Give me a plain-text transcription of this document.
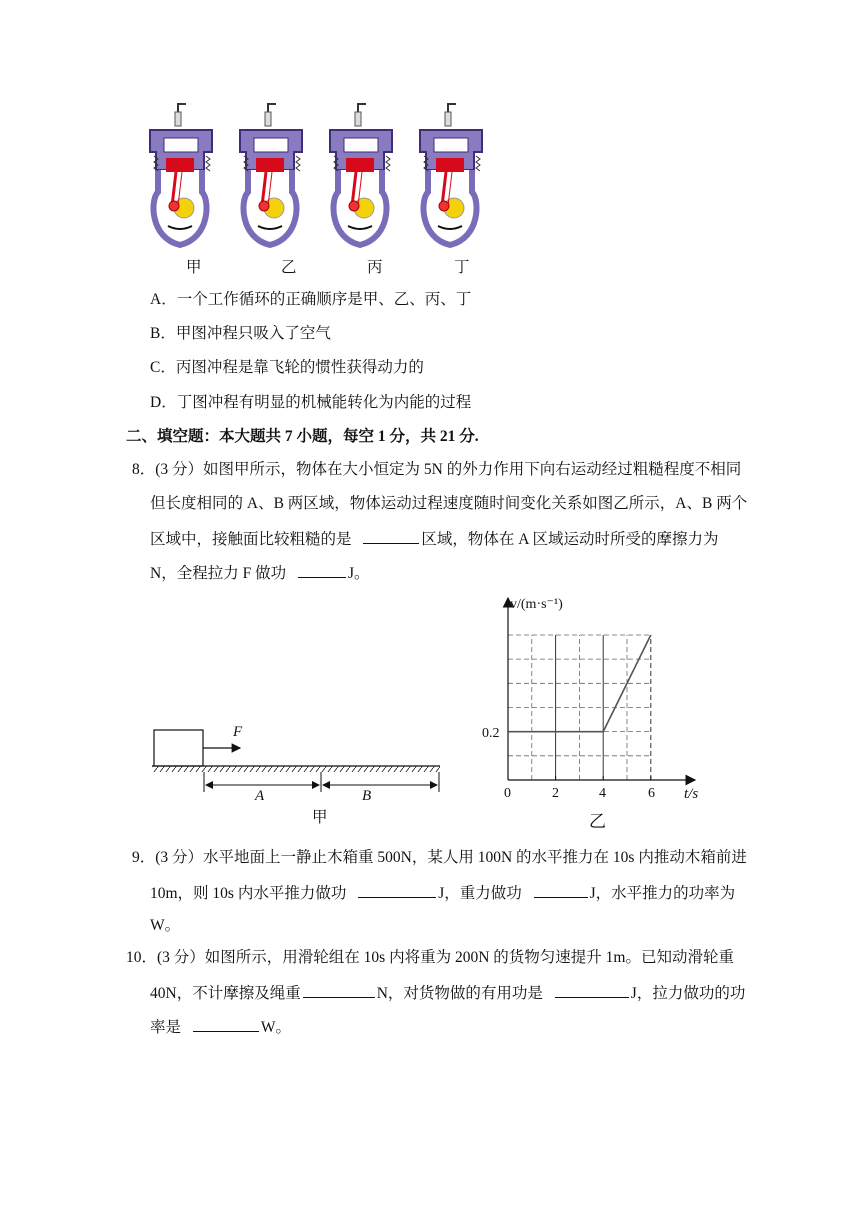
甲	乙	丙	丁
A．一个工作循环的正确顺序是甲、乙、丙、丁
B．甲图冲程只吸入了空气
C．丙图冲程是靠飞轮的惯性获得动力的
D．丁图冲程有明显的机械能转化为内能的过程
二、填空题：本大题共 7 小题，每空 1 分，共 21 分.
8．(3 分）如图甲所示，物体在大小恒定为 5N 的外力作用下向右运动经过粗糙程度不相同
但长度相同的 A、B 两区域，物体运动过程速度随时间变化关系如图乙所示，A、B 两个
区域中，接触面比较粗糙的是	区域，物体在 A 区域运动时所受的摩擦力为
N，全程拉力 F 做功	J。
F
A	B
甲
v/(m·s⁻¹)
t/s
0.2
0	2	4	6
乙
9．(3 分）水平地面上一静止木箱重 500N，某人用 100N 的水平推力在 10s 内推动木箱前进
10m，则 10s 内水平推力做功	J，重力做功	J，水平推力的功率为
W。
10．(3 分）如图所示，用滑轮组在 10s 内将重为 200N 的货物匀速提升 1m。已知动滑轮重
40N，不计摩擦及绳重	N，对货物做的有用功是	J，拉力做功的功
率是	W。
